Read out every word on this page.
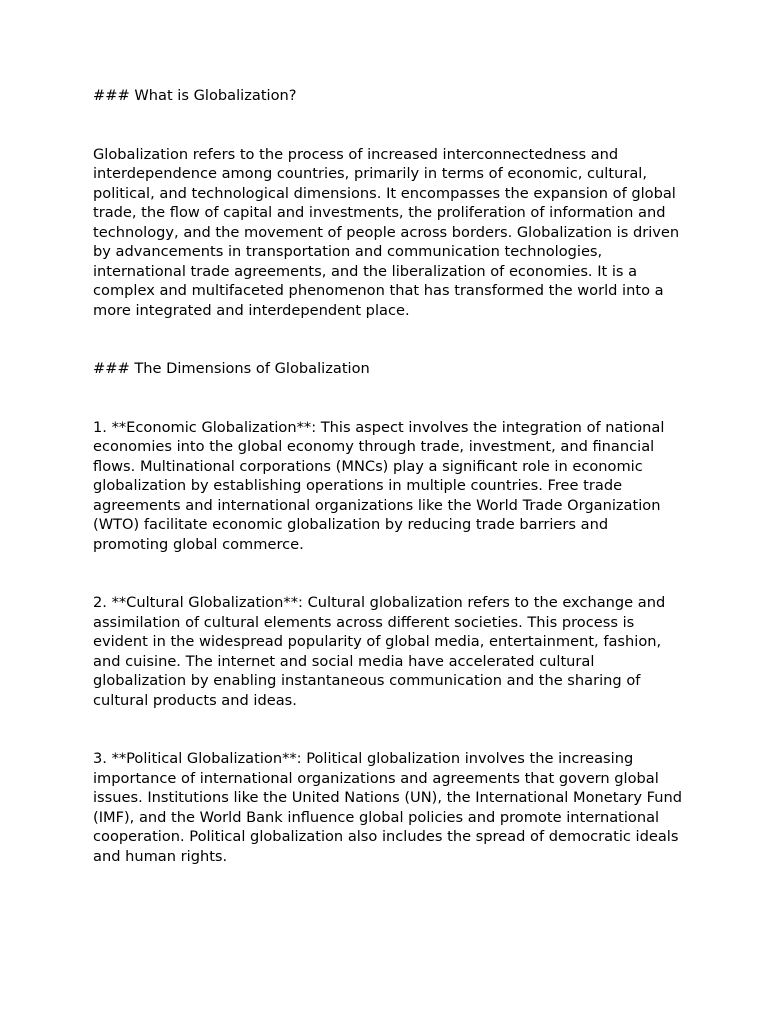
### What is Globalization?

Globalization refers to the process of increased interconnectedness and interdependence among countries, primarily in terms of economic, cultural, political, and technological dimensions. It encompasses the expansion of global trade, the flow of capital and investments, the proliferation of information and technology, and the movement of people across borders. Globalization is driven by advancements in transportation and communication technologies, international trade agreements, and the liberalization of economies. It is a complex and multifaceted phenomenon that has transformed the world into a more integrated and interdependent place.

### The Dimensions of Globalization

1. **Economic Globalization**: This aspect involves the integration of national economies into the global economy through trade, investment, and financial flows. Multinational corporations (MNCs) play a significant role in economic globalization by establishing operations in multiple countries. Free trade agreements and international organizations like the World Trade Organization (WTO) facilitate economic globalization by reducing trade barriers and promoting global commerce.

2. **Cultural Globalization**: Cultural globalization refers to the exchange and assimilation of cultural elements across different societies. This process is evident in the widespread popularity of global media, entertainment, fashion, and cuisine. The internet and social media have accelerated cultural globalization by enabling instantaneous communication and the sharing of cultural products and ideas.

3. **Political Globalization**: Political globalization involves the increasing importance of international organizations and agreements that govern global issues. Institutions like the United Nations (UN), the International Monetary Fund (IMF), and the World Bank influence global policies and promote international cooperation. Political globalization also includes the spread of democratic ideals and human rights.
